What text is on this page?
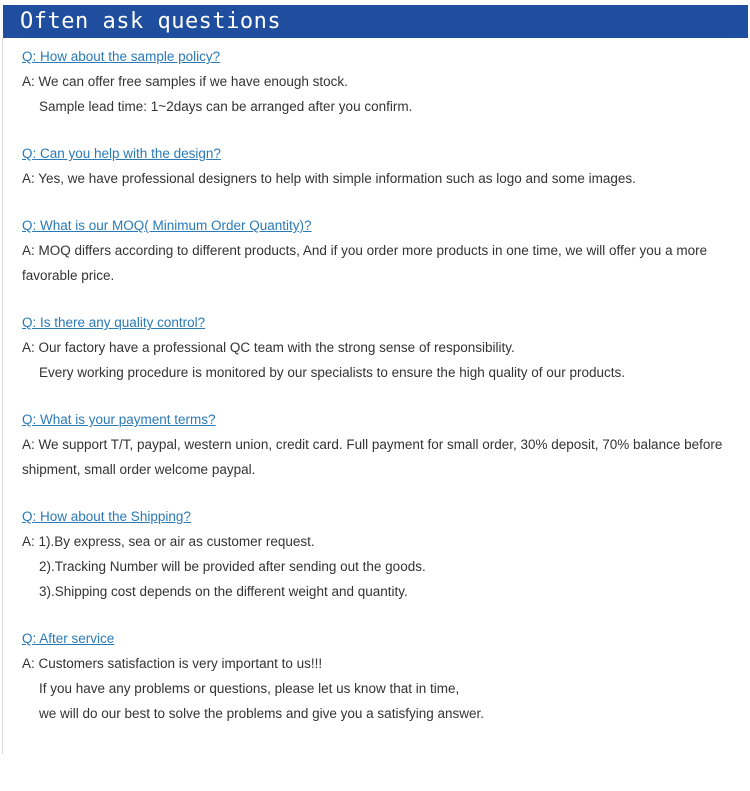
Often ask questions
Q: How about the sample policy?

A: We can offer free samples if we have enough stock.

Sample lead time: 1~2days can be arranged after you confirm.

Q: Can you help with the design?

A: Yes, we have professional designers to help with simple information such as logo and some images.

Q: What is our MOQ( Minimum Order Quantity)?

A: MOQ differs according to different products, And if you order more products in one time, we will offer you a more favorable price.

Q: Is there any quality control?

A: Our factory have a professional QC team with the strong sense of responsibility.

Every working procedure is monitored by our specialists to ensure the high quality of our products.

Q: What is your payment terms?

A: We support T/T, paypal, western union, credit card. Full payment for small order, 30% deposit, 70% balance before shipment, small order welcome paypal.

Q: How about the Shipping?

A: 1).By express, sea or air as customer request.

2).Tracking Number will be provided after sending out the goods.

3).Shipping cost depends on the different weight and quantity.

Q: After service

A: Customers satisfaction is very important to us!!!

If you have any problems or questions, please let us know that in time,

we will do our best to solve the problems and give you a satisfying answer.
